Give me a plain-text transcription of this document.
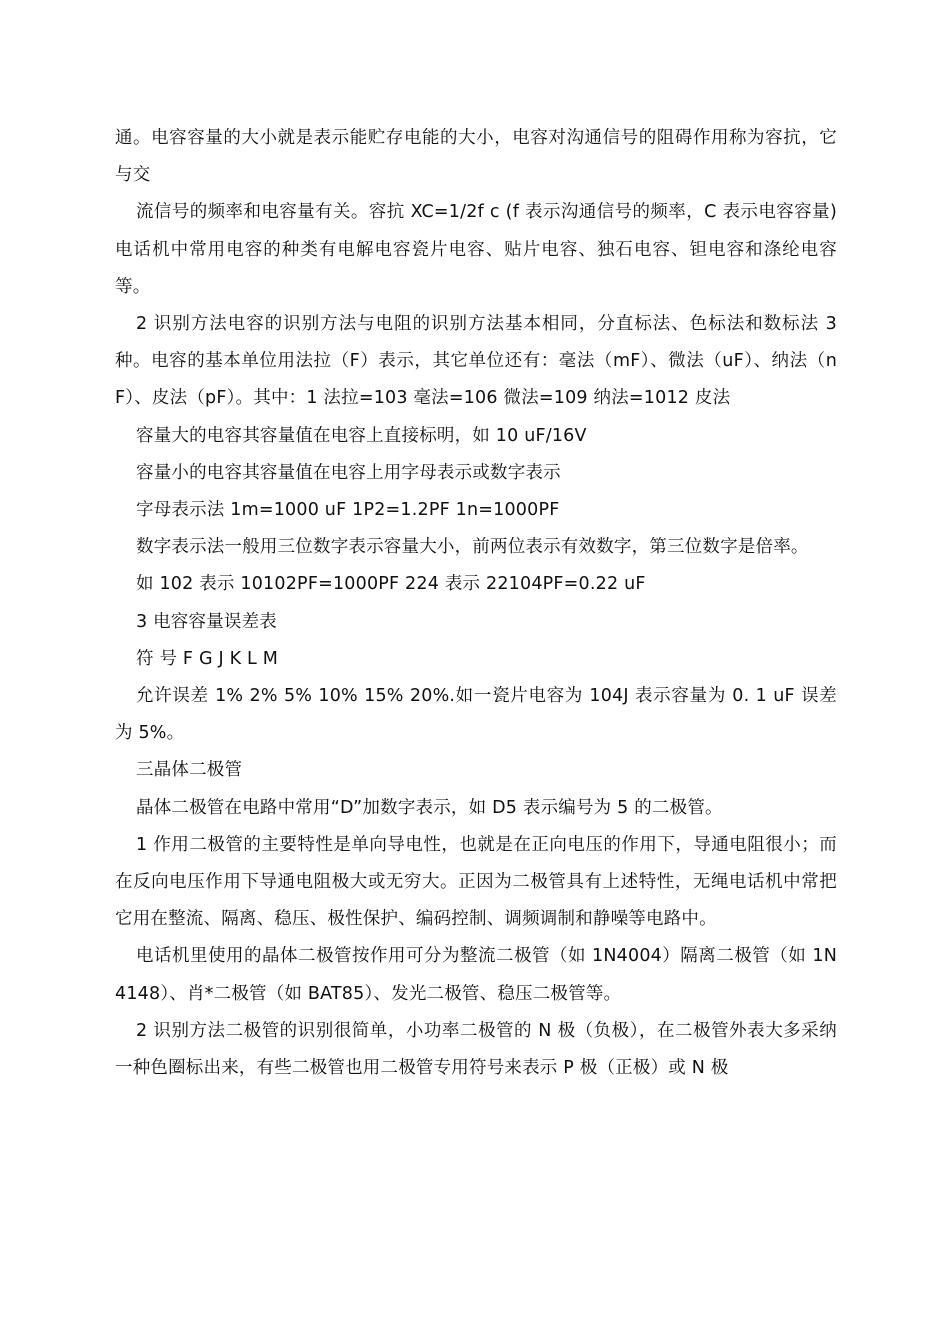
通。电容容量的大小就是表示能贮存电能的大小，电容对沟通信号的阻碍作用称为容抗，它与交

流信号的频率和电容量有关。容抗 XC=1/2f c (f 表示沟通信号的频率，C 表示电容容量)电话机中常用电容的种类有电解电容瓷片电容、贴片电容、独石电容、钽电容和涤纶电容等。

2 识别方法电容的识别方法与电阻的识别方法基本相同，分直标法、色标法和数标法 3 种。电容的基本单位用法拉（F）表示，其它单位还有：毫法（mF）、微法（uF）、纳法（nF）、皮法（pF）。其中：1 法拉=103 毫法=106 微法=109 纳法=1012 皮法

容量大的电容其容量值在电容上直接标明，如 10 uF/16V

容量小的电容其容量值在电容上用字母表示或数字表示

字母表示法 1m=1000 uF 1P2=1.2PF 1n=1000PF

数字表示法一般用三位数字表示容量大小，前两位表示有效数字，第三位数字是倍率。

如 102 表示 10102PF=1000PF 224 表示 22104PF=0.22 uF

3 电容容量误差表

符 号 F G J K L M

允许误差 1% 2% 5% 10% 15% 20%.如一瓷片电容为 104J 表示容量为 0. 1 uF 误差为 5%。

三晶体二极管

晶体二极管在电路中常用“D”加数字表示，如 D5 表示编号为 5 的二极管。

1 作用二极管的主要特性是单向导电性，也就是在正向电压的作用下，导通电阻很小；而在反向电压作用下导通电阻极大或无穷大。正因为二极管具有上述特性，无绳电话机中常把它用在整流、隔离、稳压、极性保护、编码控制、调频调制和静噪等电路中。

电话机里使用的晶体二极管按作用可分为整流二极管（如 1N4004）隔离二极管（如 1N4148）、肖*二极管（如 BAT85）、发光二极管、稳压二极管等。

2 识别方法二极管的识别很简单，小功率二极管的 N 极（负极），在二极管外表大多采纳一种色圈标出来，有些二极管也用二极管专用符号来表示 P 极（正极）或 N 极
